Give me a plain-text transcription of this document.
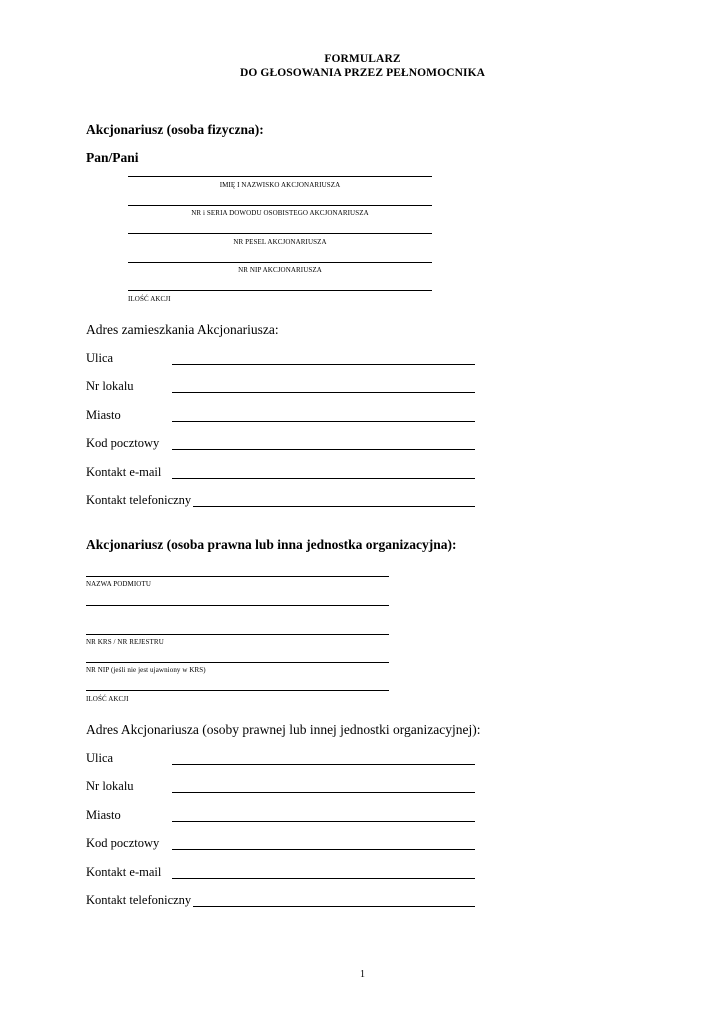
FORMULARZ
DO GŁOSOWANIA PRZEZ PEŁNOMOCNIKA
Akcjonariusz (osoba fizyczna):
Pan/Pani
IMIĘ I NAZWISKO AKCJONARIUSZA
NR i SERIA DOWODU OSOBISTEGO AKCJONARIUSZA
NR PESEL AKCJONARIUSZA
NR NIP AKCJONARIUSZA
ILOŚĆ AKCJI
Adres zamieszkania Akcjonariusza:
Ulica
Nr lokalu
Miasto
Kod pocztowy
Kontakt e-mail
Kontakt telefoniczny
Akcjonariusz (osoba prawna lub inna jednostka organizacyjna):
NAZWA PODMIOTU
NR KRS / NR REJESTRU
NR NIP (jeśli nie jest ujawniony w KRS)
ILOŚĆ AKCJI
Adres Akcjonariusza (osoby prawnej lub innej jednostki organizacyjnej):
Ulica
Nr lokalu
Miasto
Kod pocztowy
Kontakt e-mail
Kontakt telefoniczny
1
